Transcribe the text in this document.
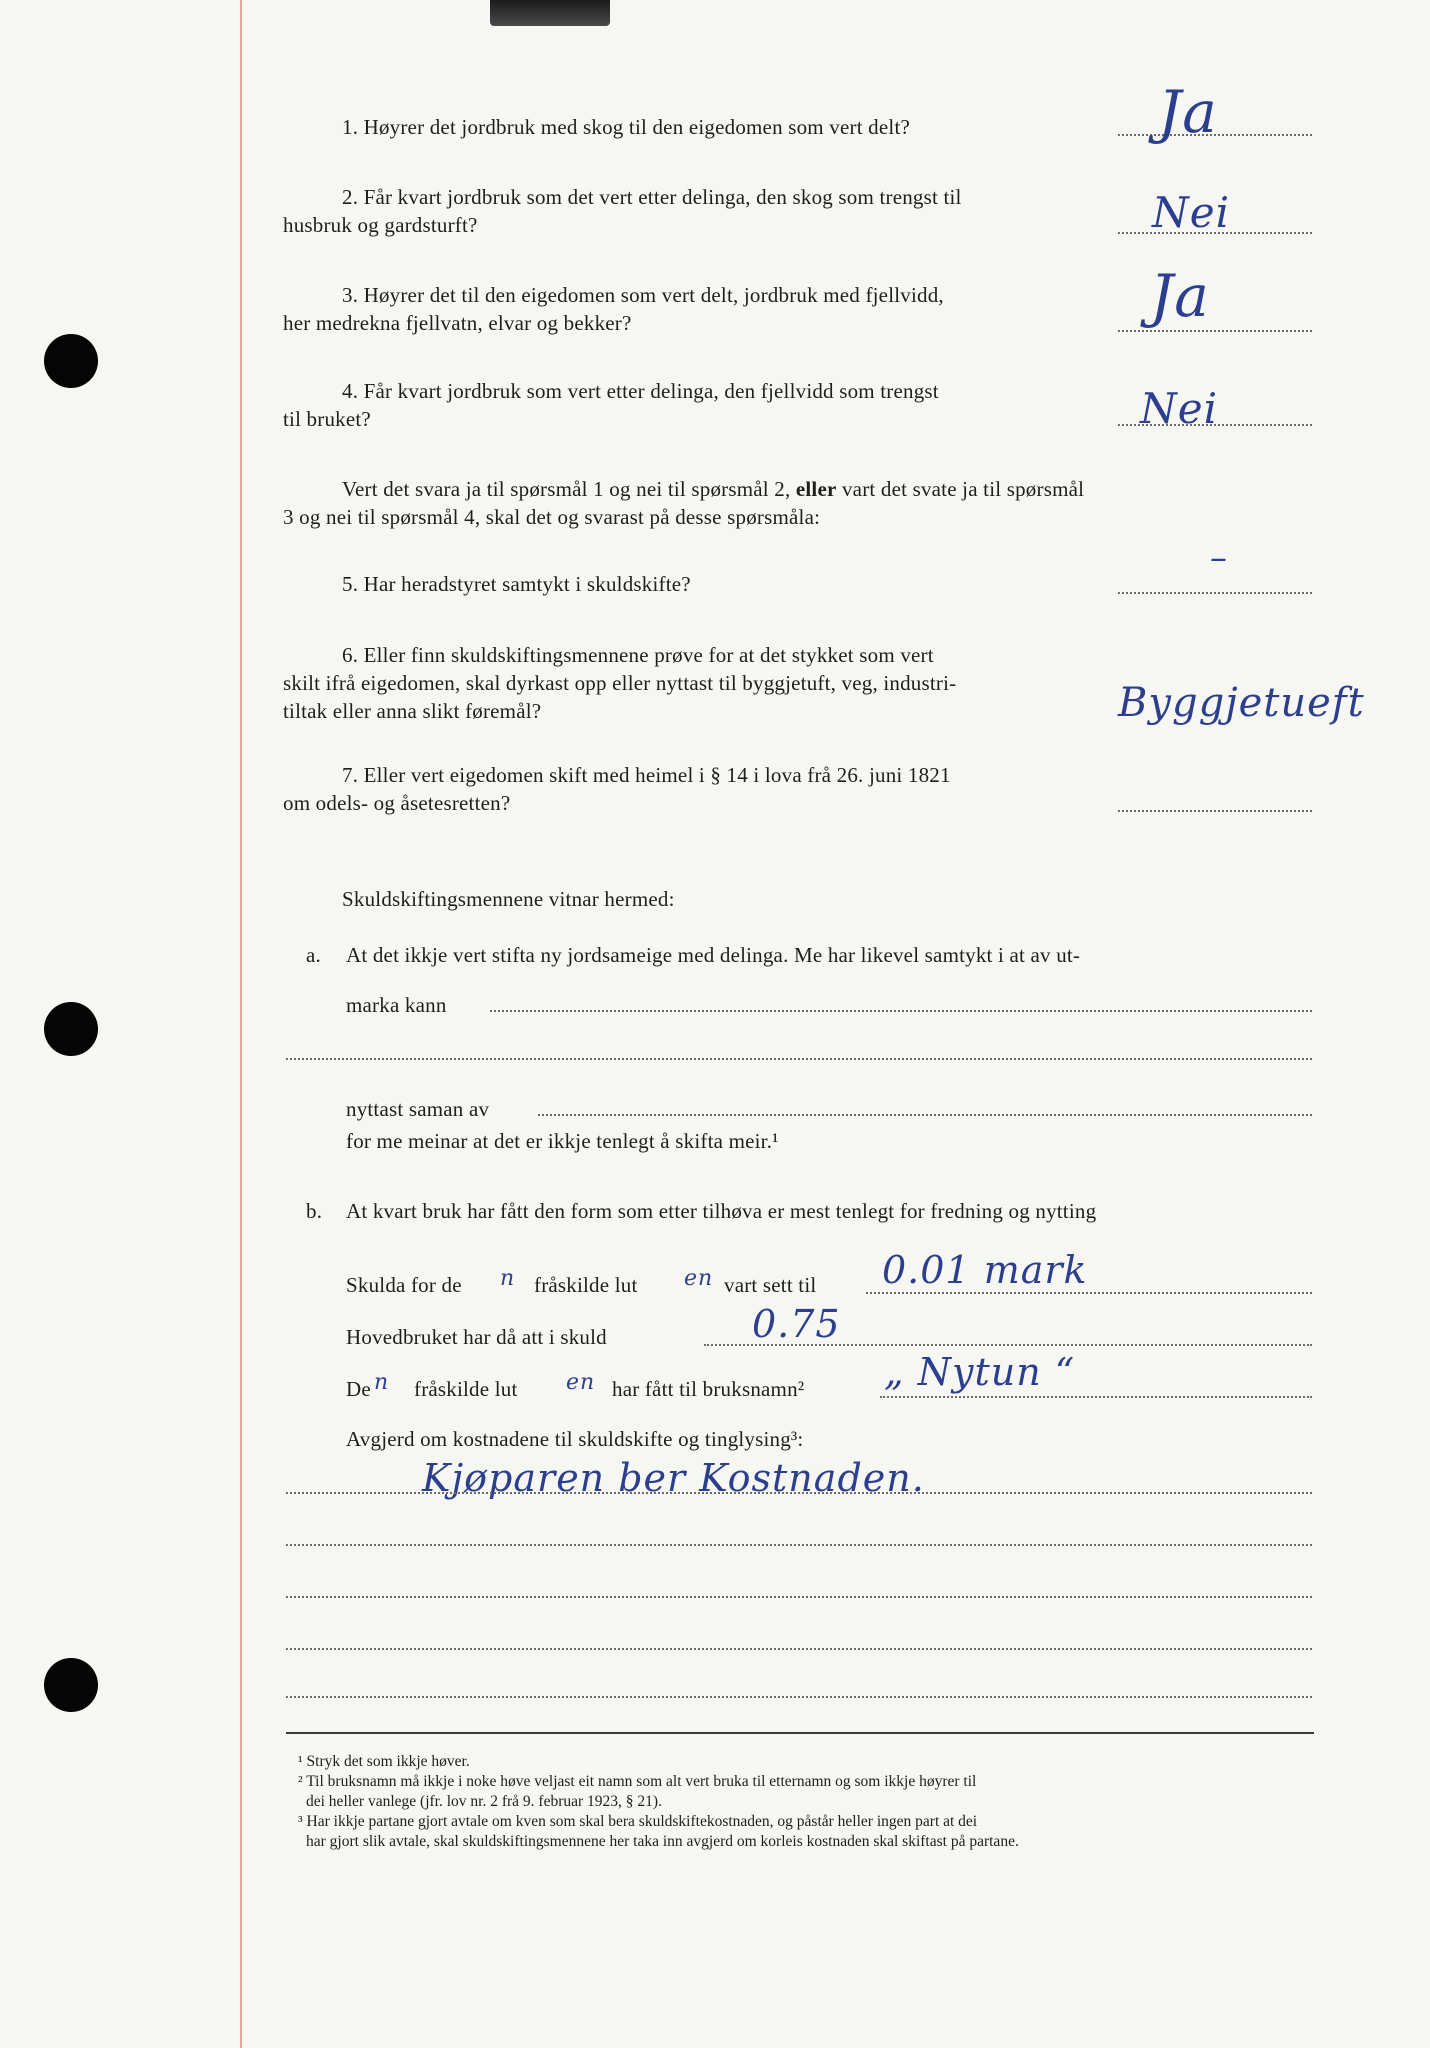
1. Høyrer det jordbruk med skog til den eigedomen som vert delt?	Ja
2. Får kvart jordbruk som det vert etter delinga, den skog som trengst til
husbruk og gardsturft?	Nei
3. Høyrer det til den eigedomen som vert delt, jordbruk med fjellvidd,
her medrekna fjellvatn, elvar og bekker?	Ja
4. Får kvart jordbruk som vert etter delinga, den fjellvidd som trengst
til bruket?	Nei
Vert det svara ja til spørsmål 1 og nei til spørsmål 2, eller vart det svate ja til spørsmål
3 og nei til spørsmål 4, skal det og svarast på desse spørsmåla:
5. Har heradstyret samtykt i skuldskifte?
–
6. Eller finn skuldskiftingsmennene prøve for at det stykket som vert
skilt ifrå eigedomen, skal dyrkast opp eller nyttast til byggjetuft, veg, industri-
tiltak eller anna slikt føremål?	Byggjetueft
7. Eller vert eigedomen skift med heimel i § 14 i lova frå 26. juni 1821
om odels- og åsetesretten?
Skuldskiftingsmennene vitnar hermed:
a. At det ikkje vert stifta ny jordsameige med delinga. Me har likevel samtykt i at av ut-
marka kann
nyttast saman av
for me meinar at det er ikkje tenlegt å skifta meir.¹
b. At kvart bruk har fått den form som etter tilhøva er mest tenlegt for fredning og nytting
Skulda for de n fråskilde lut en vart sett til 0.01 mark
Hovedbruket har då att i skuld	0.75
De n fråskilde lut en har fått til bruksnamn² „ Nytun “
Avgjerd om kostnadene til skuldskifte og tinglysing³:
Kjøparen ber Kostnaden.
¹ Stryk det som ikkje høver.
² Til bruksnamn må ikkje i noke høve veljast eit namn som alt vert bruka til etternamn og som ikkje høyrer til
dei heller vanlege (jfr. lov nr. 2 frå 9. februar 1923, § 21).
³ Har ikkje partane gjort avtale om kven som skal bera skuldskiftekostnaden, og påstår heller ingen part at dei
har gjort slik avtale, skal skuldskiftingsmennene her taka inn avgjerd om korleis kostnaden skal skiftast på partane.
